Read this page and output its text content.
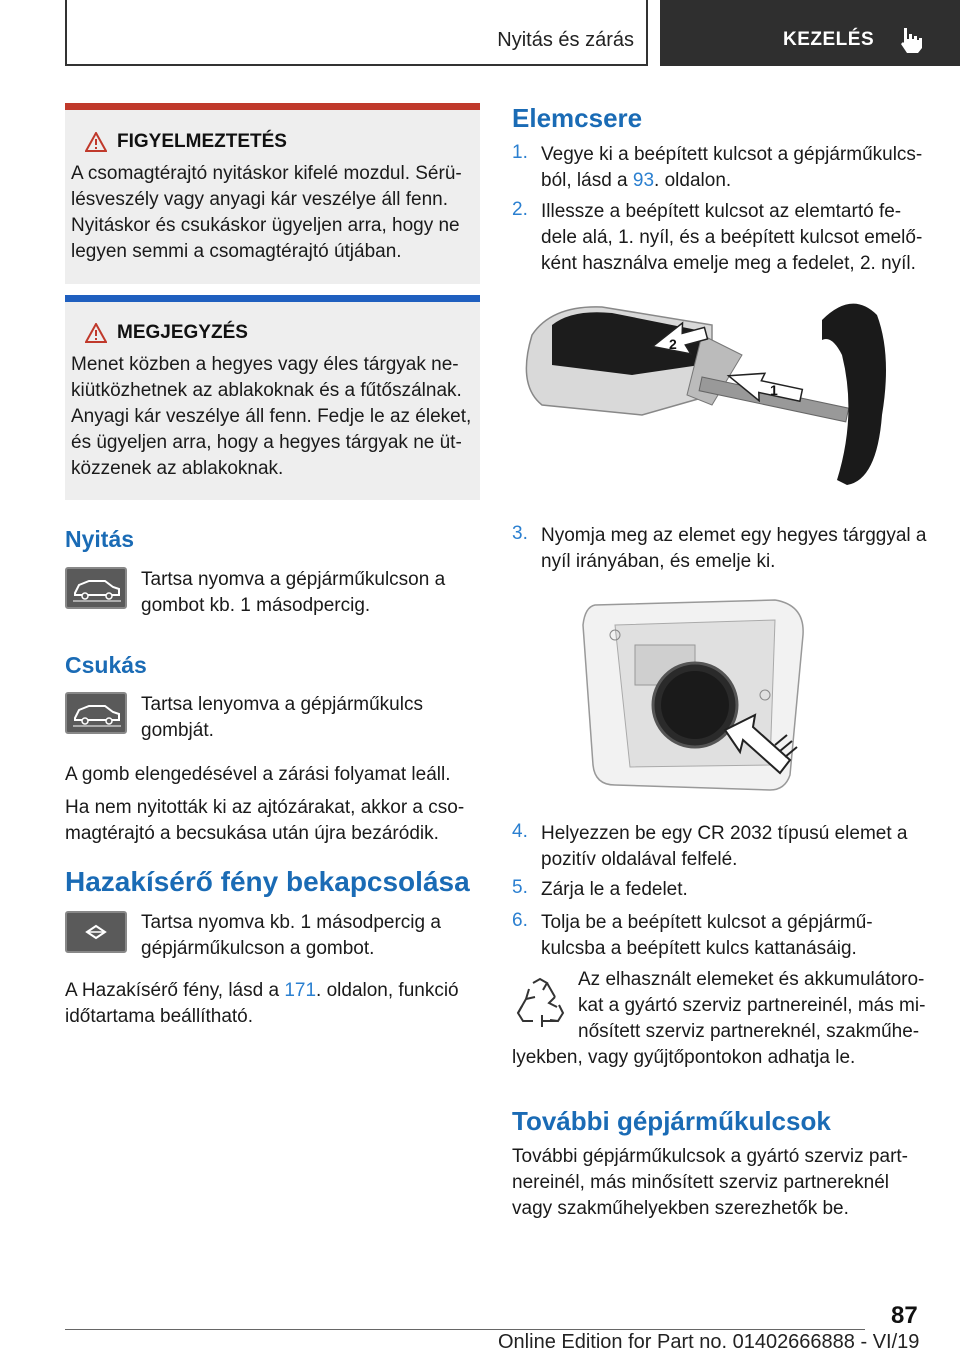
Nyitás és zárás	KEZELÉS
FIGYELMEZTETÉS
A csomagtérajtó nyitáskor kifelé mozdul. Sérü-
lésveszély vagy anyagi kár veszélye áll fenn.
Nyitáskor és csukáskor ügyeljen arra, hogy ne
legyen semmi a csomagtérajtó útjában.
MEGJEGYZÉS
Menet közben a hegyes vagy éles tárgyak ne-
kiütközhetnek az ablakoknak és a fűtőszálnak.
Anyagi kár veszélye áll fenn. Fedje le az éleket,
és ügyeljen arra, hogy a hegyes tárgyak ne üt-
közzenek az ablakoknak.
Nyitás
Tartsa nyomva a gépjárműkulcson a
gombot kb. 1 másodpercig.
Csukás
Tartsa lenyomva a gépjárműkulcs
gombját.
A gomb elengedésével a zárási folyamat leáll.
Ha nem nyitották ki az ajtózárakat, akkor a cso-
magtérajtó a becsukása után újra bezáródik.
Hazakísérő fény bekapcsolása
Tartsa nyomva kb. 1 másodpercig a
gépjárműkulcson a gombot.
A Hazakísérő fény, lásd a 171. oldalon, funkció
időtartama beállítható.
Elemcsere
1. Vegye ki a beépített kulcsot a gépjárműkulcs-
ból, lásd a 93. oldalon.
2. Illessze a beépített kulcsot az elemtartó fe-
dele alá, 1. nyíl, és a beépített kulcsot emelő-
ként használva emelje meg a fedelet, 2. nyíl.
2
1
3. Nyomja meg az elemet egy hegyes tárggyal a
nyíl irányában, és emelje ki.
4. Helyezzen be egy CR 2032 típusú elemet a
pozitív oldalával felfelé.
5. Zárja le a fedelet.
6. Tolja be a beépített kulcsot a gépjármű-
kulcsba a beépített kulcs kattanásáig.
Az elhasznált elemeket és akkumulátoro-
kat a gyártó szerviz partnereinél, más mi-
nősített szerviz partnereknél, szakműhe-
lyekben, vagy gyűjtőpontokon adhatja le.
További gépjárműkulcsok
További gépjárműkulcsok a gyártó szerviz part-
nereinél, más minősített szerviz partnereknél
vagy szakműhelyekben szerezhetők be.
87
Online Edition for Part no. 01402666888 - VI/19
